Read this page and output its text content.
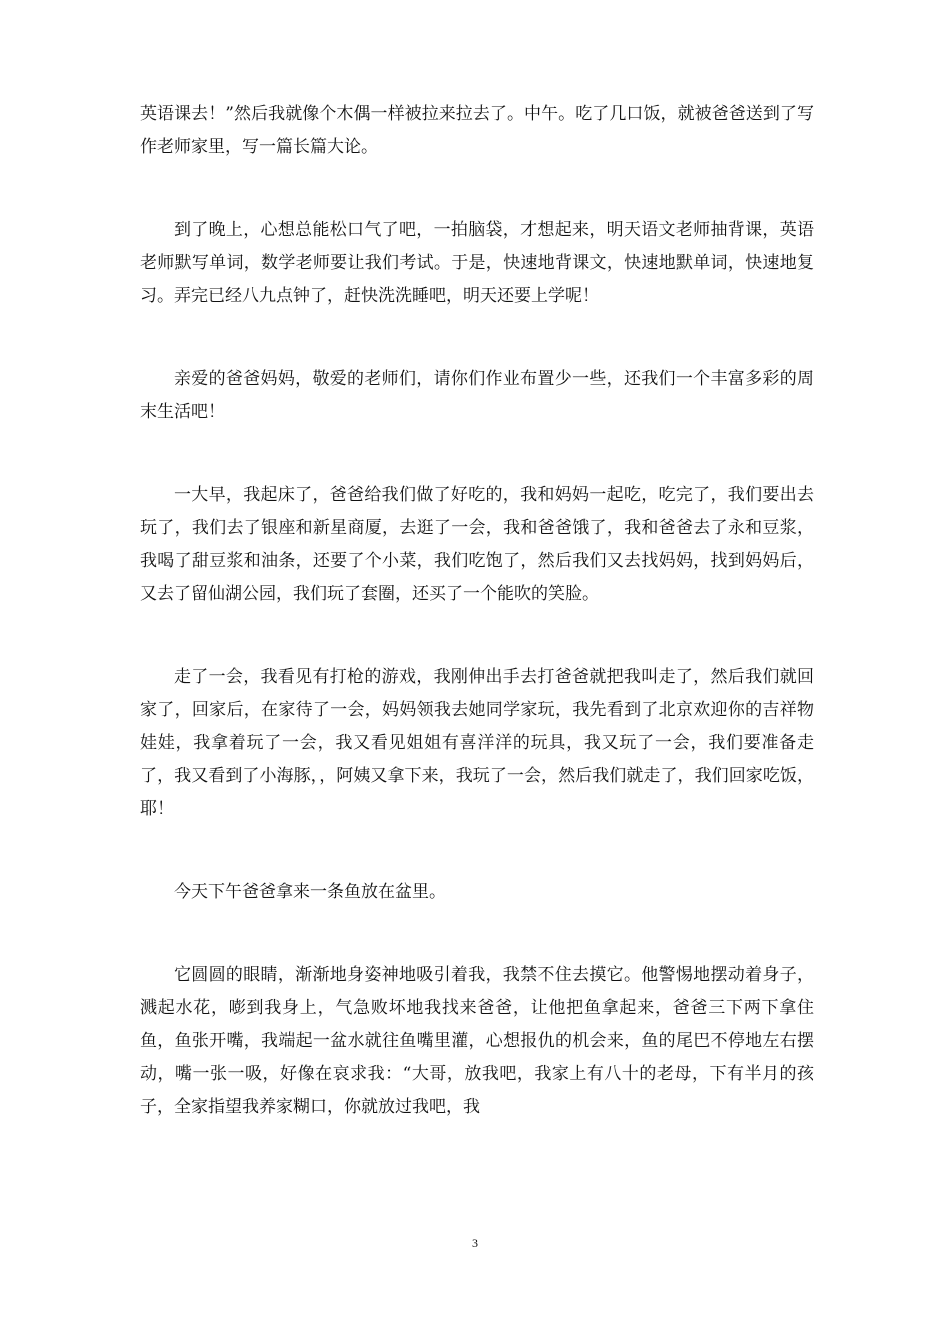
英语课去！”然后我就像个木偶一样被拉来拉去了。中午。吃了几口饭，就被爸爸送到了写作老师家里，写一篇长篇大论。

到了晚上，心想总能松口气了吧，一拍脑袋，才想起来，明天语文老师抽背课，英语老师默写单词，数学老师要让我们考试。于是，快速地背课文，快速地默单词，快速地复习。弄完已经八九点钟了，赶快洗洗睡吧，明天还要上学呢！

亲爱的爸爸妈妈，敬爱的老师们，请你们作业布置少一些，还我们一个丰富多彩的周末生活吧！

一大早，我起床了，爸爸给我们做了好吃的，我和妈妈一起吃，吃完了，我们要出去玩了，我们去了银座和新星商厦，去逛了一会，我和爸爸饿了，我和爸爸去了永和豆浆，我喝了甜豆浆和油条，还要了个小菜，我们吃饱了，然后我们又去找妈妈，找到妈妈后，又去了留仙湖公园，我们玩了套圈，还买了一个能吹的笑脸。

走了一会，我看见有打枪的游戏，我刚伸出手去打爸爸就把我叫走了，然后我们就回家了，回家后，在家待了一会，妈妈领我去她同学家玩，我先看到了北京欢迎你的吉祥物娃娃，我拿着玩了一会，我又看见姐姐有喜洋洋的玩具，我又玩了一会，我们要准备走了，我又看到了小海豚，，阿姨又拿下来，我玩了一会，然后我们就走了，我们回家吃饭，耶！

今天下午爸爸拿来一条鱼放在盆里。

它圆圆的眼睛，渐渐地身姿神地吸引着我，我禁不住去摸它。他警惕地摆动着身子，溅起水花，嘭到我身上，气急败坏地我找来爸爸，让他把鱼拿起来，爸爸三下两下拿住鱼，鱼张开嘴，我端起一盆水就往鱼嘴里灌，心想报仇的机会来，鱼的尾巴不停地左右摆动，嘴一张一吸，好像在哀求我：“大哥，放我吧，我家上有八十的老母，下有半月的孩子，全家指望我养家糊口，你就放过我吧，我

3
